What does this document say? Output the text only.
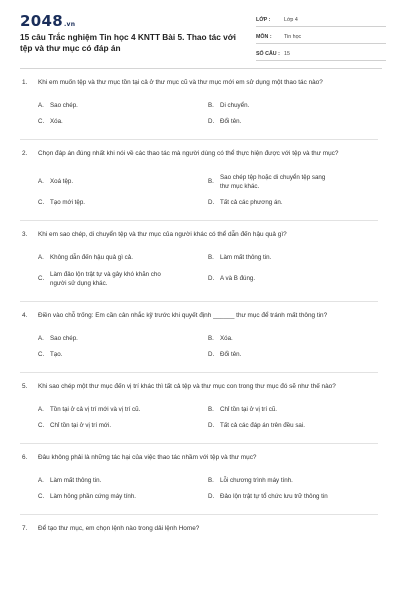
2048.vn
15 câu Trắc nghiệm Tin học 4 KNTT Bài 5. Thao tác với tệp và thư mục có đáp án
LỚP :	Lớp 4
MÔN :	Tin học
SỐ CÂU : 15
1.	Khi em muốn tệp và thư mục tồn tại cả ở thư mục cũ và thư mục mới em sử dụng một thao tác nào?
A. Sao chép.	B. Di chuyển.
C. Xóa.	D. Đổi tên.
2.	Chọn đáp án đúng nhất khi nói về các thao tác mà người dùng có thể thực hiện được với tệp và thư mục?
A. Xoá tệp.	B.
Sao chép tệp hoặc di chuyển tệp sang thư mục khác.
C. Tạo mới tệp.	D. Tất cả các phương án.
3.	Khi em sao chép, di chuyển tệp và thư mục của người khác có thể dẫn đến hậu quả gì?
A. Không dẫn đến hậu quả gì cả.	B. Làm mất thông tin.
C.
Làm đảo lộn trật tự và gây khó khăn cho người sử dụng khác.
D. A và B đúng.
4.	Điền vào chỗ trống: Em cần cân nhắc kỹ trước khi quyết định ______ thư mục để tránh mất thông tin?
A. Sao chép.	B. Xóa.
C. Tạo.	D. Đổi tên.
5.	Khi sao chép một thư mục đến vị trí khác thì tất cả tệp và thư mục con trong thư mục đó sẽ như thế nào?
A. Tồn tại ở cả vị trí mới và vị trí cũ.	B. Chỉ tồn tại ở vị trí cũ.
C. Chỉ tồn tại ở vị trí mới.	D. Tất cả các đáp án trên đều sai.
6.	Đâu không phải là những tác hại của việc thao tác nhầm với tệp và thư mục?
A. Làm mất thông tin.	B. Lỗi chương trình máy tính.
C. Làm hỏng phần cứng máy tính.	D. Đảo lộn trật tự tổ chức lưu trữ thông tin
7.	Để tạo thư mục, em chọn lệnh nào trong dải lệnh Home?
